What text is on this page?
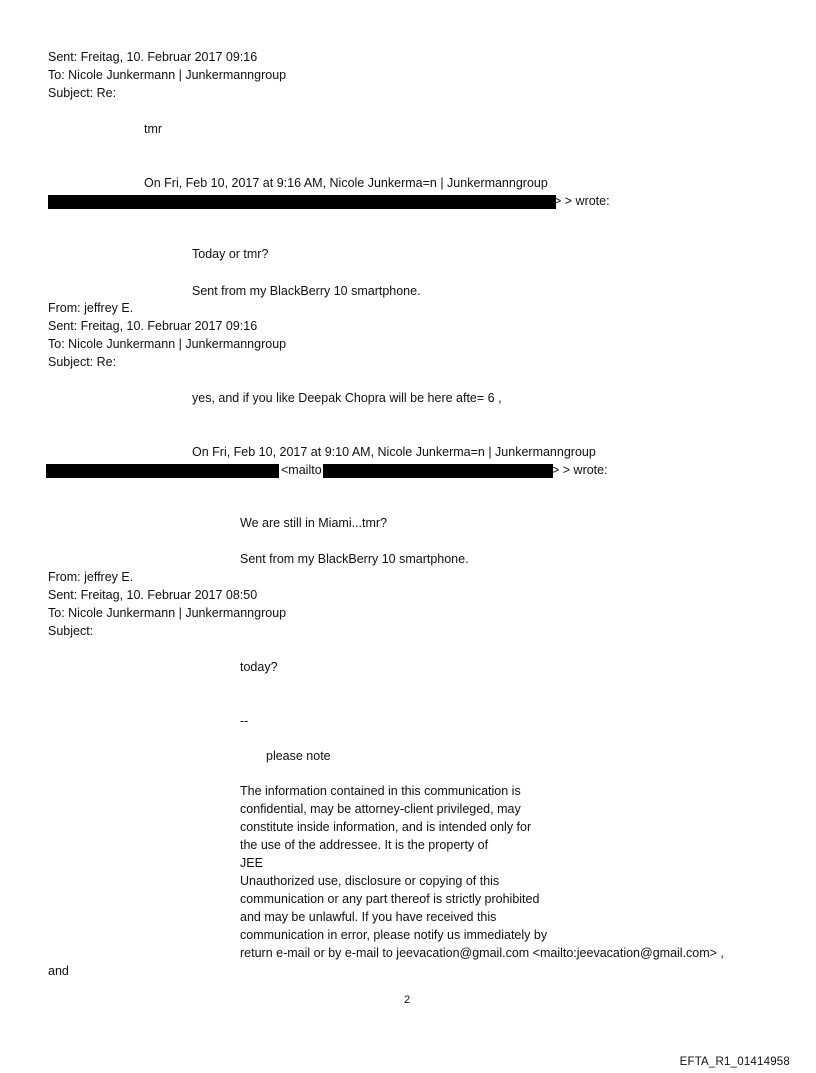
Sent: Freitag, 10. Februar 2017 09:16
To: Nicole Junkermann | Junkermanngroup
Subject: Re:
tmr
On Fri, Feb 10, 2017 at 9:16 AM, Nicole Junkerma=n | Junkermanngroup
> > wrote:
Today or tmr?
Sent from my BlackBerry 10 smartphone.
From: jeffrey E.
Sent: Freitag, 10. Februar 2017 09:16
To: Nicole Junkermann | Junkermanngroup
Subject: Re:
yes, and if you like Deepak Chopra will be here afte= 6 ,
On Fri, Feb 10, 2017 at 9:10 AM, Nicole Junkerma=n | Junkermanngroup
<mailto	> > wrote:
We are still in Miami...tmr?
Sent from my BlackBerry 10 smartphone.
From: jeffrey E.
Sent: Freitag, 10. Februar 2017 08:50
To: Nicole Junkermann | Junkermanngroup
Subject:
today?
--
please note
The information contained in this communication is
confidential, may be attorney-client privileged, may
constitute inside information, and is intended only for
the use of the addressee. It is the property of
JEE
Unauthorized use, disclosure or copying of this
communication or any part thereof is strictly prohibited
and may be unlawful. If you have received this
communication in error, please notify us immediately by
return e-mail or by e-mail to jeevacation@gmail.com <mailto:jeevacation@gmail.com> ,
and
2
EFTA_R1_01414958
